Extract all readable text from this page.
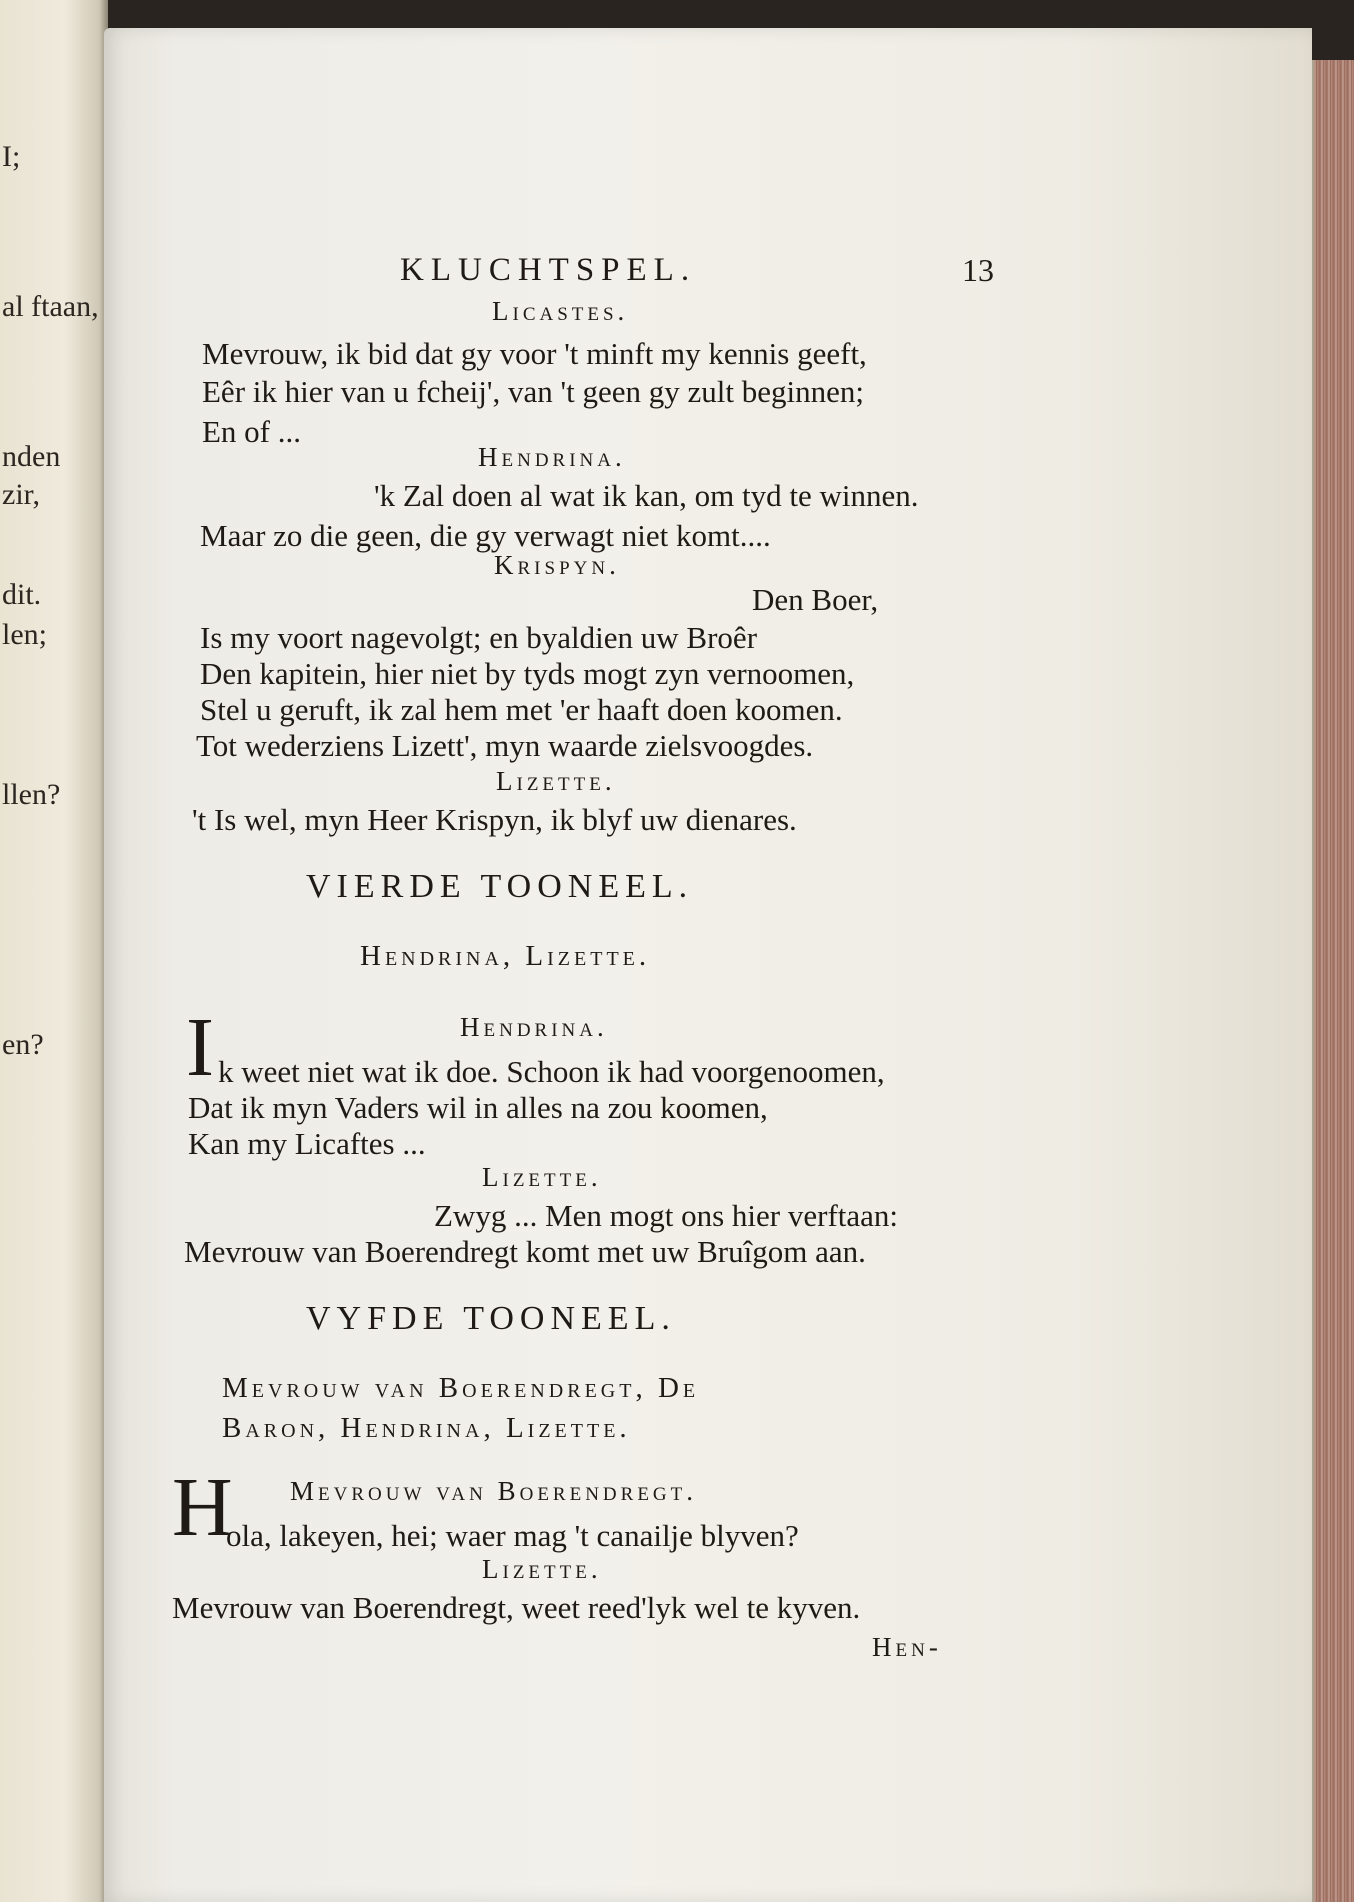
I;
al ftaan,
nden
zir,
dit.
len;
llen?
en?
KLUCHTSPEL.	13
Licastes.
Mevrouw, ik bid dat gy voor 't minft my kennis geeft,
Eêr ik hier van u fcheij', van 't geen gy zult beginnen;
En of ...
Hendrina.
'k Zal doen al wat ik kan, om tyd te winnen.
Maar zo die geen, die gy verwagt niet komt....
Krispyn.
Den Boer,
Is my voort nagevolgt; en byaldien uw Broêr
Den kapitein, hier niet by tyds mogt zyn vernoomen,
Stel u geruft, ik zal hem met 'er haaft doen koomen.
Tot wederziens Lizett', myn waarde zielsvoogdes.
Lizette.
't Is wel, myn Heer Krispyn, ik blyf uw dienares.
VIERDE TOONEEL.
Hendrina, Lizette.
Hendrina.
I k weet niet wat ik doe. Schoon ik had voorgenoomen,
Dat ik myn Vaders wil in alles na zou koomen,
Kan my Licaftes ...
Lizette.
Zwyg ... Men mogt ons hier verftaan:
Mevrouw van Boerendregt komt met uw Bruîgom aan.
VYFDE TOONEEL.
Mevrouw van Boerendregt, De
Baron, Hendrina, Lizette.
H Mevrouw van Boerendregt.
ola, lakeyen, hei; waer mag 't canailje blyven?
Lizette.
Mevrouw van Boerendregt, weet reed'lyk wel te kyven.
Hen-
